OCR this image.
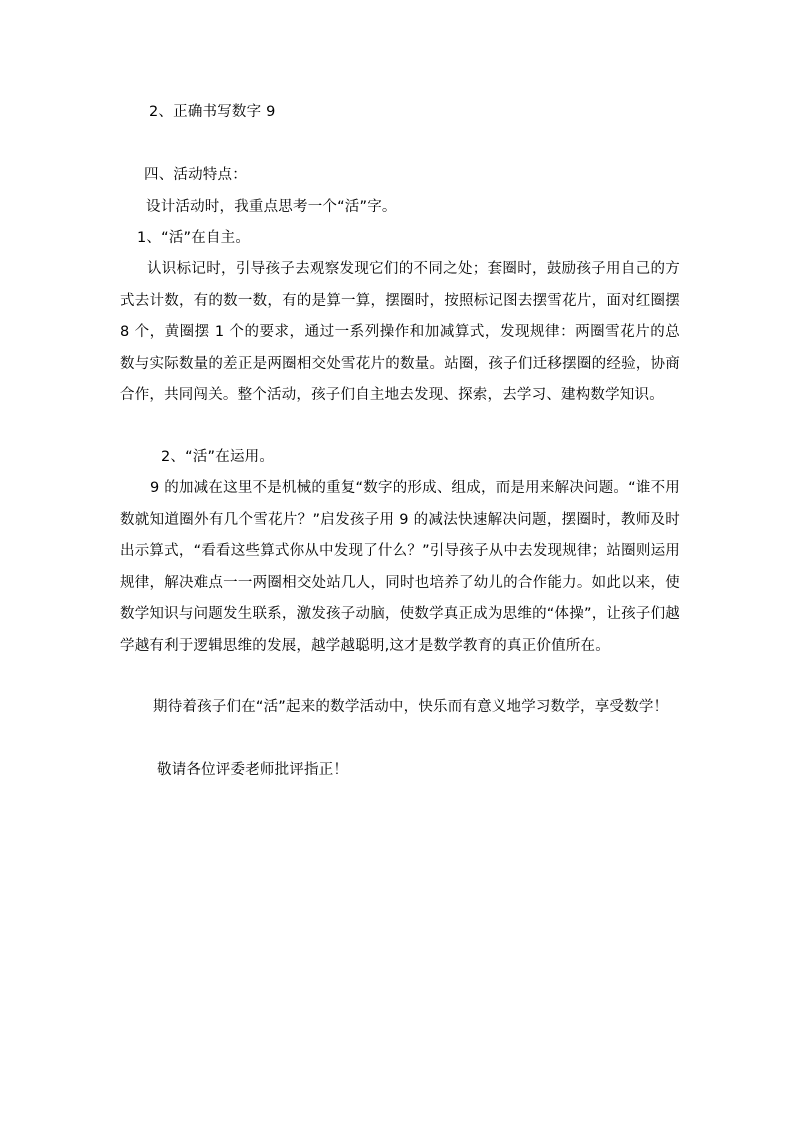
2、正确书写数字 9
四、活动特点：
设计活动时，我重点思考一个“活”字。
1、“活”在自主。
认识标记时，引导孩子去观察发现它们的不同之处；套圈时，鼓励孩子用自己的方式去计数，有的数一数，有的是算一算，摆圈时，按照标记图去摆雪花片，面对红圈摆 8 个，黄圈摆 1 个的要求，通过一系列操作和加减算式，发现规律：两圈雪花片的总数与实际数量的差正是两圈相交处雪花片的数量。站圈，孩子们迁移摆圈的经验，协商合作，共同闯关。整个活动，孩子们自主地去发现、探索，去学习、建构数学知识。
2、“活”在运用。
9 的加减在这里不是机械的重复“数字的形成、组成，而是用来解决问题。“谁不用数就知道圈外有几个雪花片？”启发孩子用 9 的减法快速解决问题，摆圈时，教师及时出示算式，“看看这些算式你从中发现了什么？”引导孩子从中去发现规律；站圈则运用规律，解决难点一一两圈相交处站几人，同时也培养了幼儿的合作能力。如此以来，使数学知识与问题发生联系，激发孩子动脑，使数学真正成为思维的“体操”，让孩子们越学越有利于逻辑思维的发展，越学越聪明,这才是数学教育的真正价值所在。
期待着孩子们在“活”起来的数学活动中，快乐而有意义地学习数学，享受数学！
敬请各位评委老师批评指正！
